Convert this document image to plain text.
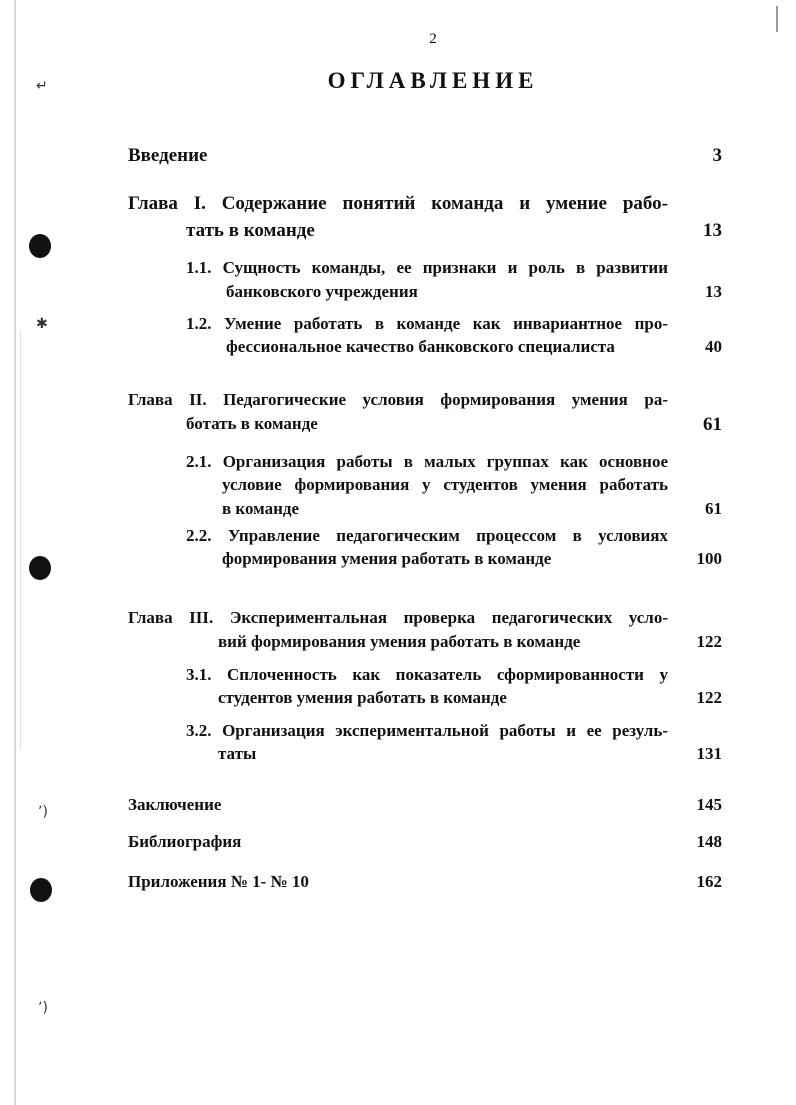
↵
✱
ʼ)
ʼ)
2
ОГЛАВЛЕНИЕ
Введение	3
Глава I. Содержание понятий команда и умение рабо-
тать в команде	13
1.1. Сущность команды, ее признаки и роль в развитии
банковского учреждения	13
1.2. Умение работать в команде как инвариантное про-
фессиональное качество банковского специалиста	40
Глава II. Педагогические условия формирования умения ра-
ботать в команде	61
2.1. Организация работы в малых группах как основное
условие формирования у студентов умения работать
в команде	61
2.2. Управление педагогическим процессом в условиях
формирования умения работать в команде	100
Глава III. Экспериментальная проверка педагогических усло-
вий формирования умения работать в команде	122
3.1. Сплоченность как показатель сформированности у
студентов умения работать в команде	122
3.2. Организация экспериментальной работы и ее резуль-
таты	131
Заключение	145
Библиография	148
Приложения № 1- № 10	162
